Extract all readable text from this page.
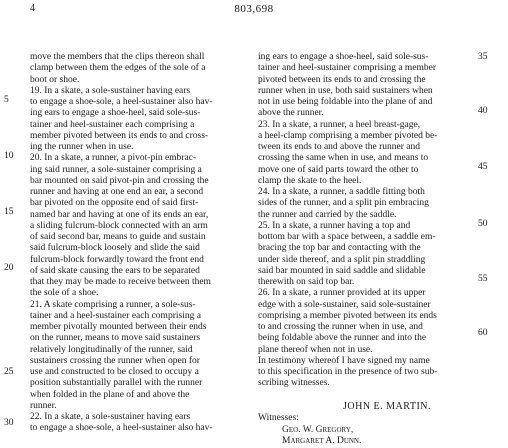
4	803,698
move the members that the clips thereon shall
clamp between them the edges of the sole of a
boot or shoe.
19. In a skate, a sole-sustainer having ears
to engage a shoe-sole, a heel-sustainer also hav-
ing ears to engage a shoe-heel, said sole-sus-
tainer and heel-sustainer each comprising a
member pivoted between its ends to and cross-
ing the runner when in use.
20. In a skate, a runner, a pivot-pin embrac-
ing said runner, a sole-sustainer comprising a
bar mounted on said pivot-pin and crossing the
runner and having at one end an ear, a second
bar pivoted on the opposite end of said first-
named bar and having at one of its ends an ear,
a sliding fulcrum-block connected with an arm
of said second bar, means to guide and sustain
said fulcrum-block loosely and slide the said
fulcrum-block forwardly toward the front end
of said skate causing the ears to be separated
that they may be made to receive between them
the sole of a shoe.
21. A skate comprising a runner, a sole-sus-
tainer and a heel-sustainer each comprising a
member pivotally mounted between their ends
on the runner, means to move said sustainers
relatively longitudinally of the runner, said
sustainers crossing the runner when open for
use and constructed to be closed to occupy a
position substantially parallel with the runner
when folded in the plane of and above the
runner.
22. In a skate, a sole-sustainer having ears
to engage a shoe-sole, a heel-sustainer also hav-
ing ears to engage a shoe-heel, said sole-sus-
tainer and heel-sustainer comprising a member
pivoted between its ends to and crossing the
runner when in use, both said sustainers when
not in use being foldable into the plane of and
above the runner.
23. In a skate, a runner, a heel breast-gage,
a heel-clamp comprising a member pivoted be-
tween its ends to and above the runner and
crossing the same when in use, and means to
move one of said parts toward the other to
clamp the skate to the heel.
24. In a skate, a runner, a saddle fitting both
sides of the runner, and a split pin embracing
the runner and carried by the saddle.
25. In a skate, a runner having a top and
bottom bar with a space between, a saddle em-
bracing the top bar and contacting with the
under side thereof, and a split pin straddling
said bar mounted in said saddle and slidable
therewith on said top bar.
26. In a skate, a runner provided at its upper
edge with a sole-sustainer, said sole-sustainer
comprising a member pivoted between its ends
to and crossing the runner when in use, and
being foldable above the runner and into the
plane thereof when not in use.
In testimony whereof I have signed my name
to this specification in the presence of two sub-
scribing witnesses.
5
10
15
20
25
30
35
40
45
50
55
60
JOHN E. MARTIN.
Witnesses:
Geo. W. Gregory,
Margaret A. Dunn.
